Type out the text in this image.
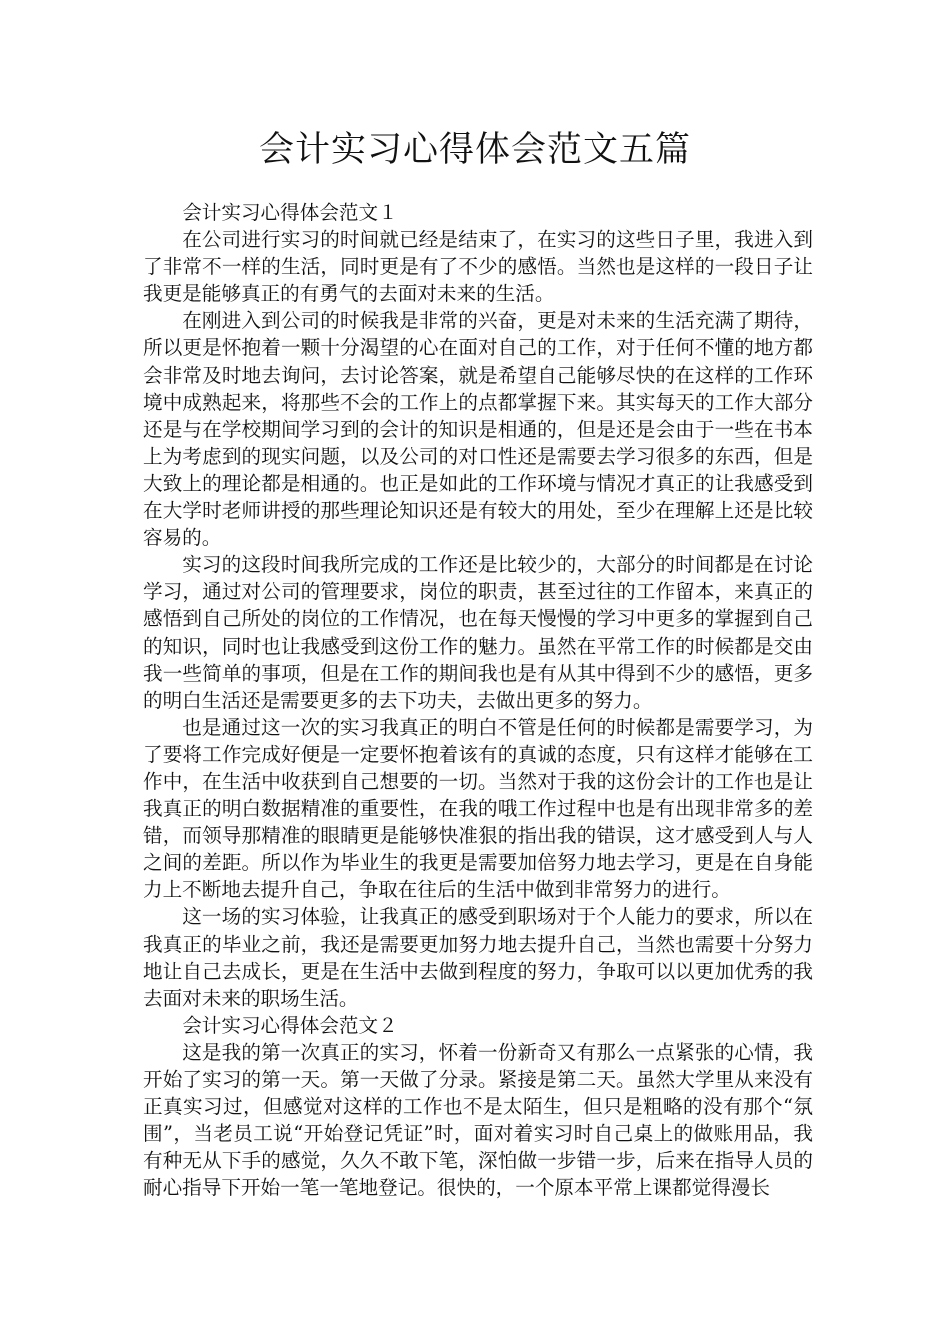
会计实习心得体会范文五篇

会计实习心得体会范文１

在公司进行实习的时间就已经是结束了，在实习的这些日子里，我进入到了非常不一样的生活，同时更是有了不少的感悟。当然也是这样的一段日子让我更是能够真正的有勇气的去面对未来的生活。

在刚进入到公司的时候我是非常的兴奋，更是对未来的生活充满了期待，所以更是怀抱着一颗十分渴望的心在面对自己的工作，对于任何不懂的地方都会非常及时地去询问，去讨论答案，就是希望自己能够尽快的在这样的工作环境中成熟起来，将那些不会的工作上的点都掌握下来。其实每天的工作大部分还是与在学校期间学习到的会计的知识是相通的，但是还是会由于一些在书本上为考虑到的现实问题，以及公司的对口性还是需要去学习很多的东西，但是大致上的理论都是相通的。也正是如此的工作环境与情况才真正的让我感受到在大学时老师讲授的那些理论知识还是有较大的用处，至少在理解上还是比较容易的。

实习的这段时间我所完成的工作还是比较少的，大部分的时间都是在讨论学习，通过对公司的管理要求，岗位的职责，甚至过往的工作留本，来真正的感悟到自己所处的岗位的工作情况，也在每天慢慢的学习中更多的掌握到自己的知识，同时也让我感受到这份工作的魅力。虽然在平常工作的时候都是交由我一些简单的事项，但是在工作的期间我也是有从其中得到不少的感悟，更多的明白生活还是需要更多的去下功夫，去做出更多的努力。

也是通过这一次的实习我真正的明白不管是任何的时候都是需要学习，为了要将工作完成好便是一定要怀抱着该有的真诚的态度，只有这样才能够在工作中，在生活中收获到自己想要的一切。当然对于我的这份会计的工作也是让我真正的明白数据精准的重要性，在我的哦工作过程中也是有出现非常多的差错，而领导那精准的眼睛更是能够快准狠的指出我的错误，这才感受到人与人之间的差距。所以作为毕业生的我更是需要加倍努力地去学习，更是在自身能力上不断地去提升自己，争取在往后的生活中做到非常努力的进行。

这一场的实习体验，让我真正的感受到职场对于个人能力的要求，所以在我真正的毕业之前，我还是需要更加努力地去提升自己，当然也需要十分努力地让自己去成长，更是在生活中去做到程度的努力，争取可以以更加优秀的我去面对未来的职场生活。

会计实习心得体会范文２

这是我的第一次真正的实习，怀着一份新奇又有那么一点紧张的心情，我开始了实习的第一天。第一天做了分录。紧接是第二天。虽然大学里从来没有正真实习过，但感觉对这样的工作也不是太陌生，但只是粗略的没有那个“氛围”，当老员工说“开始登记凭证”时，面对着实习时自己桌上的做账用品，我有种无从下手的感觉，久久不敢下笔，深怕做一步错一步，后来在指导人员的耐心指导下开始一笔一笔地登记。很快的，一个原本平常上课都觉得漫长
